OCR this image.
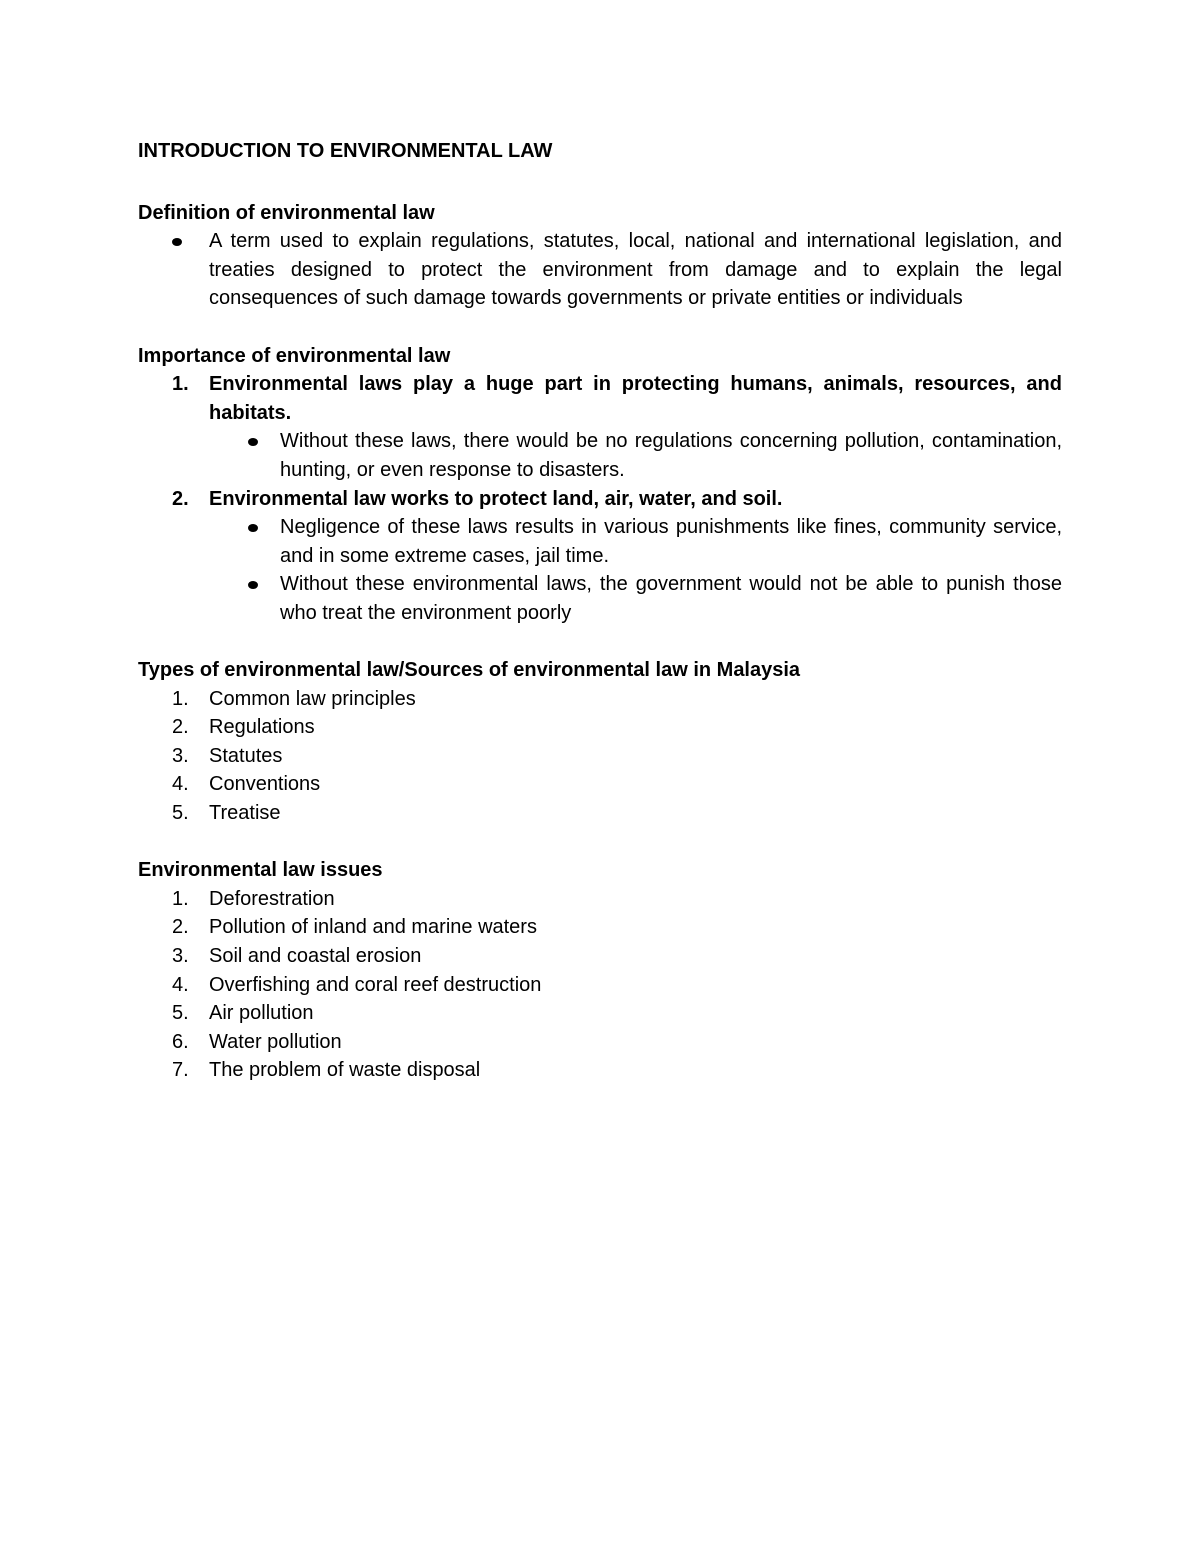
INTRODUCTION TO ENVIRONMENTAL LAW
Definition of environmental law
A term used to explain regulations, statutes, local, national and international legislation, and treaties designed to protect the environment from damage and to explain the legal consequences of such damage towards governments or private entities or individuals
Importance of environmental law
1. Environmental laws play a huge part in protecting humans, animals, resources, and habitats.
Without these laws, there would be no regulations concerning pollution, contamination, hunting, or even response to disasters.
2. Environmental law works to protect land, air, water, and soil.
Negligence of these laws results in various punishments like fines, community service, and in some extreme cases, jail time.
Without these environmental laws, the government would not be able to punish those who treat the environment poorly
Types of environmental law/Sources of environmental law in Malaysia
1. Common law principles
2. Regulations
3. Statutes
4. Conventions
5. Treatise
Environmental law issues
1. Deforestration
2. Pollution of inland and marine waters
3. Soil and coastal erosion
4. Overfishing and coral reef destruction
5. Air pollution
6. Water pollution
7. The problem of waste disposal
